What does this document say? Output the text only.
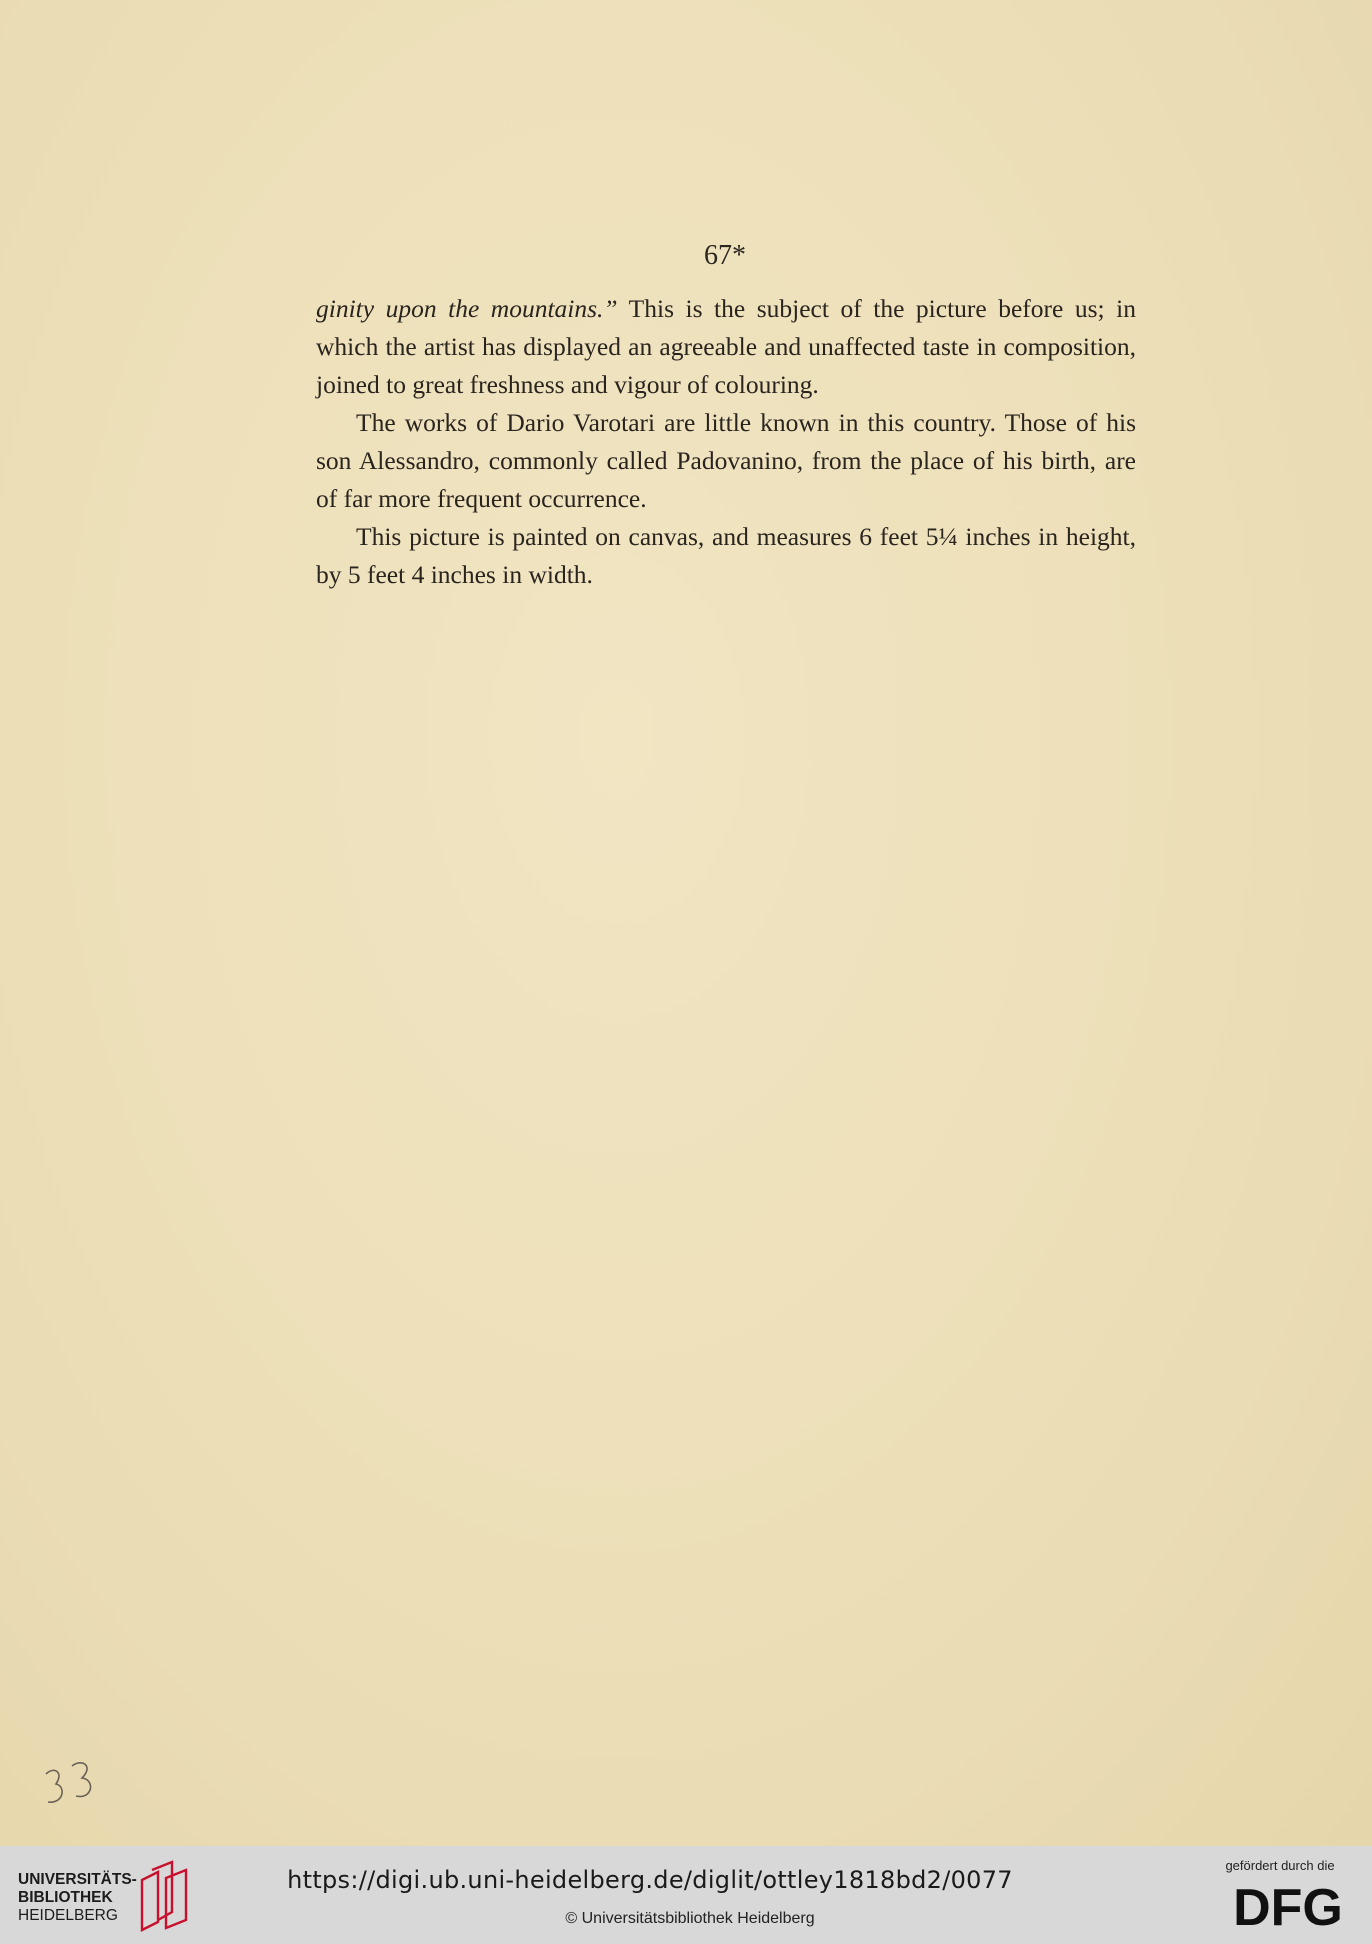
67*

ginity upon the mountains.” This is the subject of the picture before us; in which the artist has displayed an agreeable and unaffected taste in composition, joined to great freshness and vigour of colouring.

The works of Dario Varotari are little known in this country. Those of his son Alessandro, commonly called Padovanino, from the place of his birth, are of far more frequent occurrence.

This picture is painted on canvas, and measures 6 feet 5¼ inches in height, by 5 feet 4 inches in width.

UNIVERSITÄTS-
BIBLIOTHEK
HEIDELBERG
https://digi.ub.uni-heidelberg.de/diglit/ottley1818bd2/0077
© Universitätsbibliothek Heidelberg
gefördert durch die
DFG
